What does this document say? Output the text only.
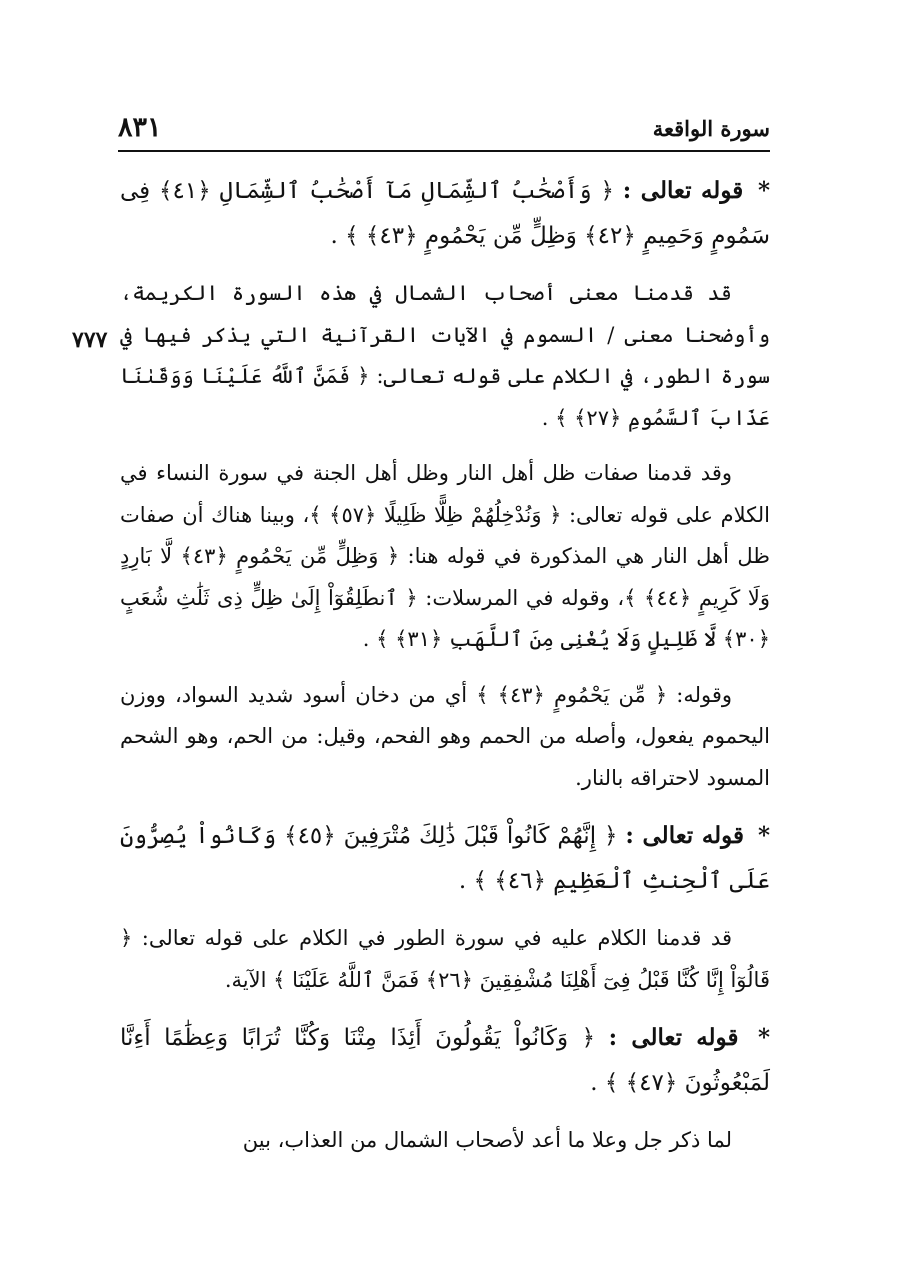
٨٣١	سورة الواقعة
٧٧٧

* قوله تعالى : ﴿ وَأَصْحَٰبُ ٱلشِّمَالِ مَآ أَصْحَٰبُ ٱلشِّمَالِ ﴿٤١﴾ فِى سَمُومٍ وَحَمِيمٍ ﴿٤٢﴾ وَظِلٍّ مِّن يَحْمُومٍ ﴿٤٣﴾ ﴾ .

قد قدمنا معنى أصحاب الشمال في هذه السورة الكريمة، وأوضحنا معنى / السموم في الآيات القرآنية التي يذكر فيها في سورة الطور، في الكلام على قوله تعالى: ﴿ فَمَنَّ ٱللَّهُ عَلَيْنَا وَوَقَىٰنَا عَذَابَ ٱلسَّمُومِ ﴿٢٧﴾ ﴾ .

وقد قدمنا صفات ظل أهل النار وظل أهل الجنة في سورة النساء في الكلام على قوله تعالى: ﴿ وَنُدْخِلُهُمْ ظِلًّا ظَلِيلًا ﴿٥٧﴾ ﴾، وبينا هناك أن صفات ظل أهل النار هي المذكورة في قوله هنا: ﴿ وَظِلٍّ مِّن يَحْمُومٍ ﴿٤٣﴾ لَّا بَارِدٍ وَلَا كَرِيمٍ ﴿٤٤﴾ ﴾، وقوله في المرسلات: ﴿ ٱنطَلِقُوٓاْ إِلَىٰ ظِلٍّ ذِى ثَلَٰثِ شُعَبٍ ﴿٣٠﴾ لَّا ظَلِيلٍ وَلَا يُغْنِى مِنَ ٱللَّهَبِ ﴿٣١﴾ ﴾ .

وقوله: ﴿ مِّن يَحْمُومٍ ﴿٤٣﴾ ﴾ أي من دخان أسود شديد السواد، ووزن اليحموم يفعول، وأصله من الحمم وهو الفحم، وقيل: من الحم، وهو الشحم المسود لاحتراقه بالنار.

* قوله تعالى : ﴿ إِنَّهُمْ كَانُواْ قَبْلَ ذَٰلِكَ مُتْرَفِينَ ﴿٤٥﴾ وَكَانُواْ يُصِرُّونَ عَلَى ٱلْحِنثِ ٱلْعَظِيمِ ﴿٤٦﴾ ﴾ .

قد قدمنا الكلام عليه في سورة الطور في الكلام على قوله تعالى: ﴿ قَالُوٓاْ إِنَّا كُنَّا قَبْلُ فِىٓ أَهْلِنَا مُشْفِقِينَ ﴿٢٦﴾ فَمَنَّ ٱللَّهُ عَلَيْنَا ﴾ الآية.

* قوله تعالى : ﴿ وَكَانُواْ يَقُولُونَ أَئِذَا مِتْنَا وَكُنَّا تُرَابًا وَعِظَٰمًا أَءِنَّا لَمَبْعُوثُونَ ﴿٤٧﴾ ﴾ .

لما ذكر جل وعلا ما أعد لأصحاب الشمال من العذاب، بين
